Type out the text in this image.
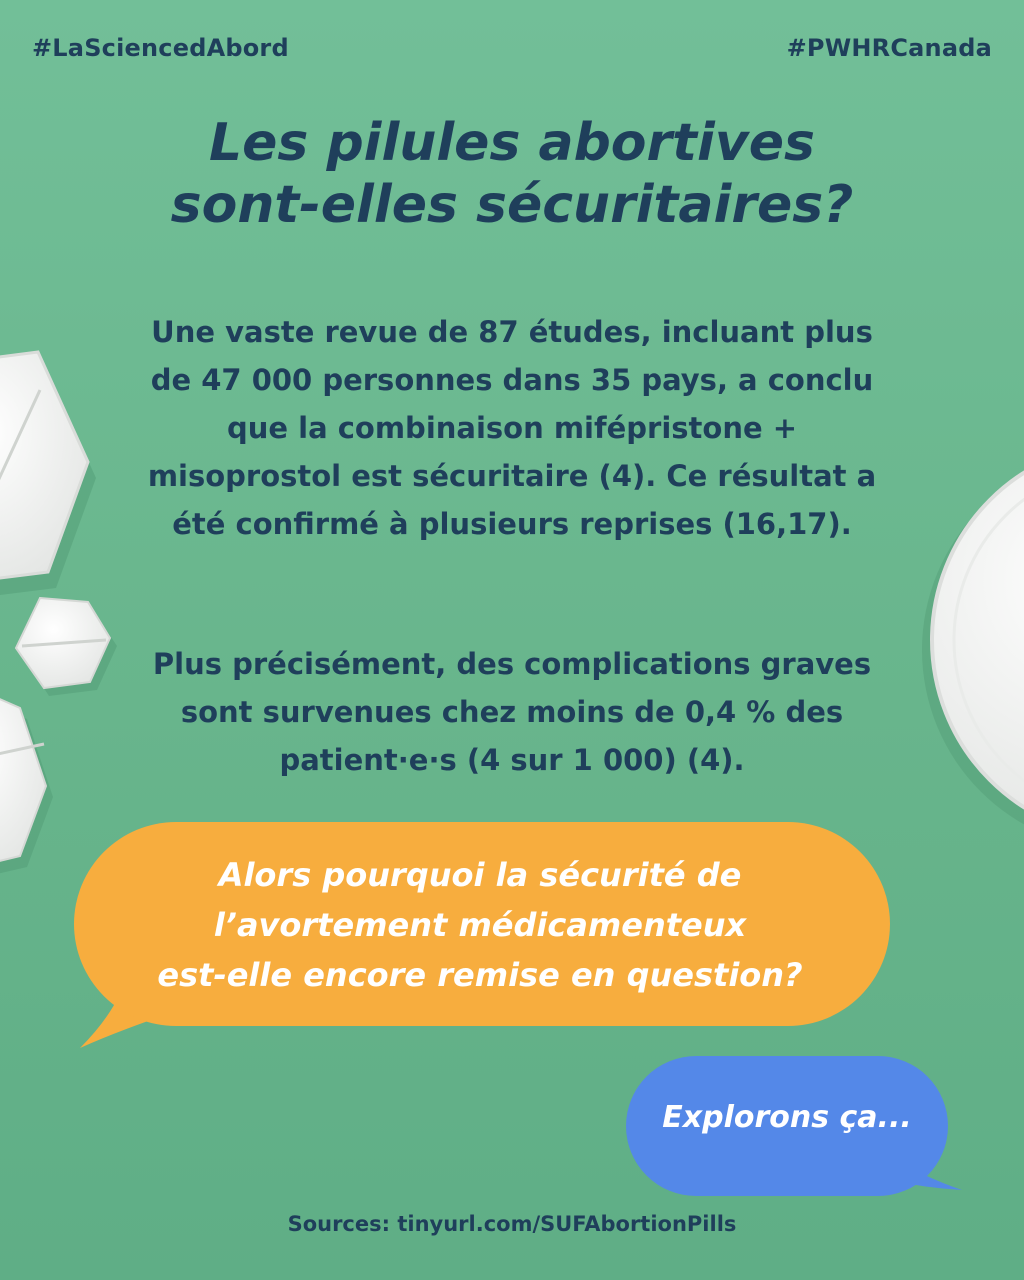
#LaSciencedAbord	#PWHRCanada
Les pilules abortives
sont-elles sécuritaires?
Une vaste revue de 87 études, incluant plus de 47 000 personnes dans 35 pays, a conclu que la combinaison mifépristone + misoprostol est sécuritaire (4). Ce résultat a été confirmé à plusieurs reprises (16,17).
Plus précisément, des complications graves sont survenues chez moins de 0,4 % des patient·e·s (4 sur 1 000) (4).
Alors pourquoi la sécurité de
l’avortement médicamenteux
est-elle encore remise en question?
Explorons ça...
Sources: tinyurl.com/SUFAbortionPills
